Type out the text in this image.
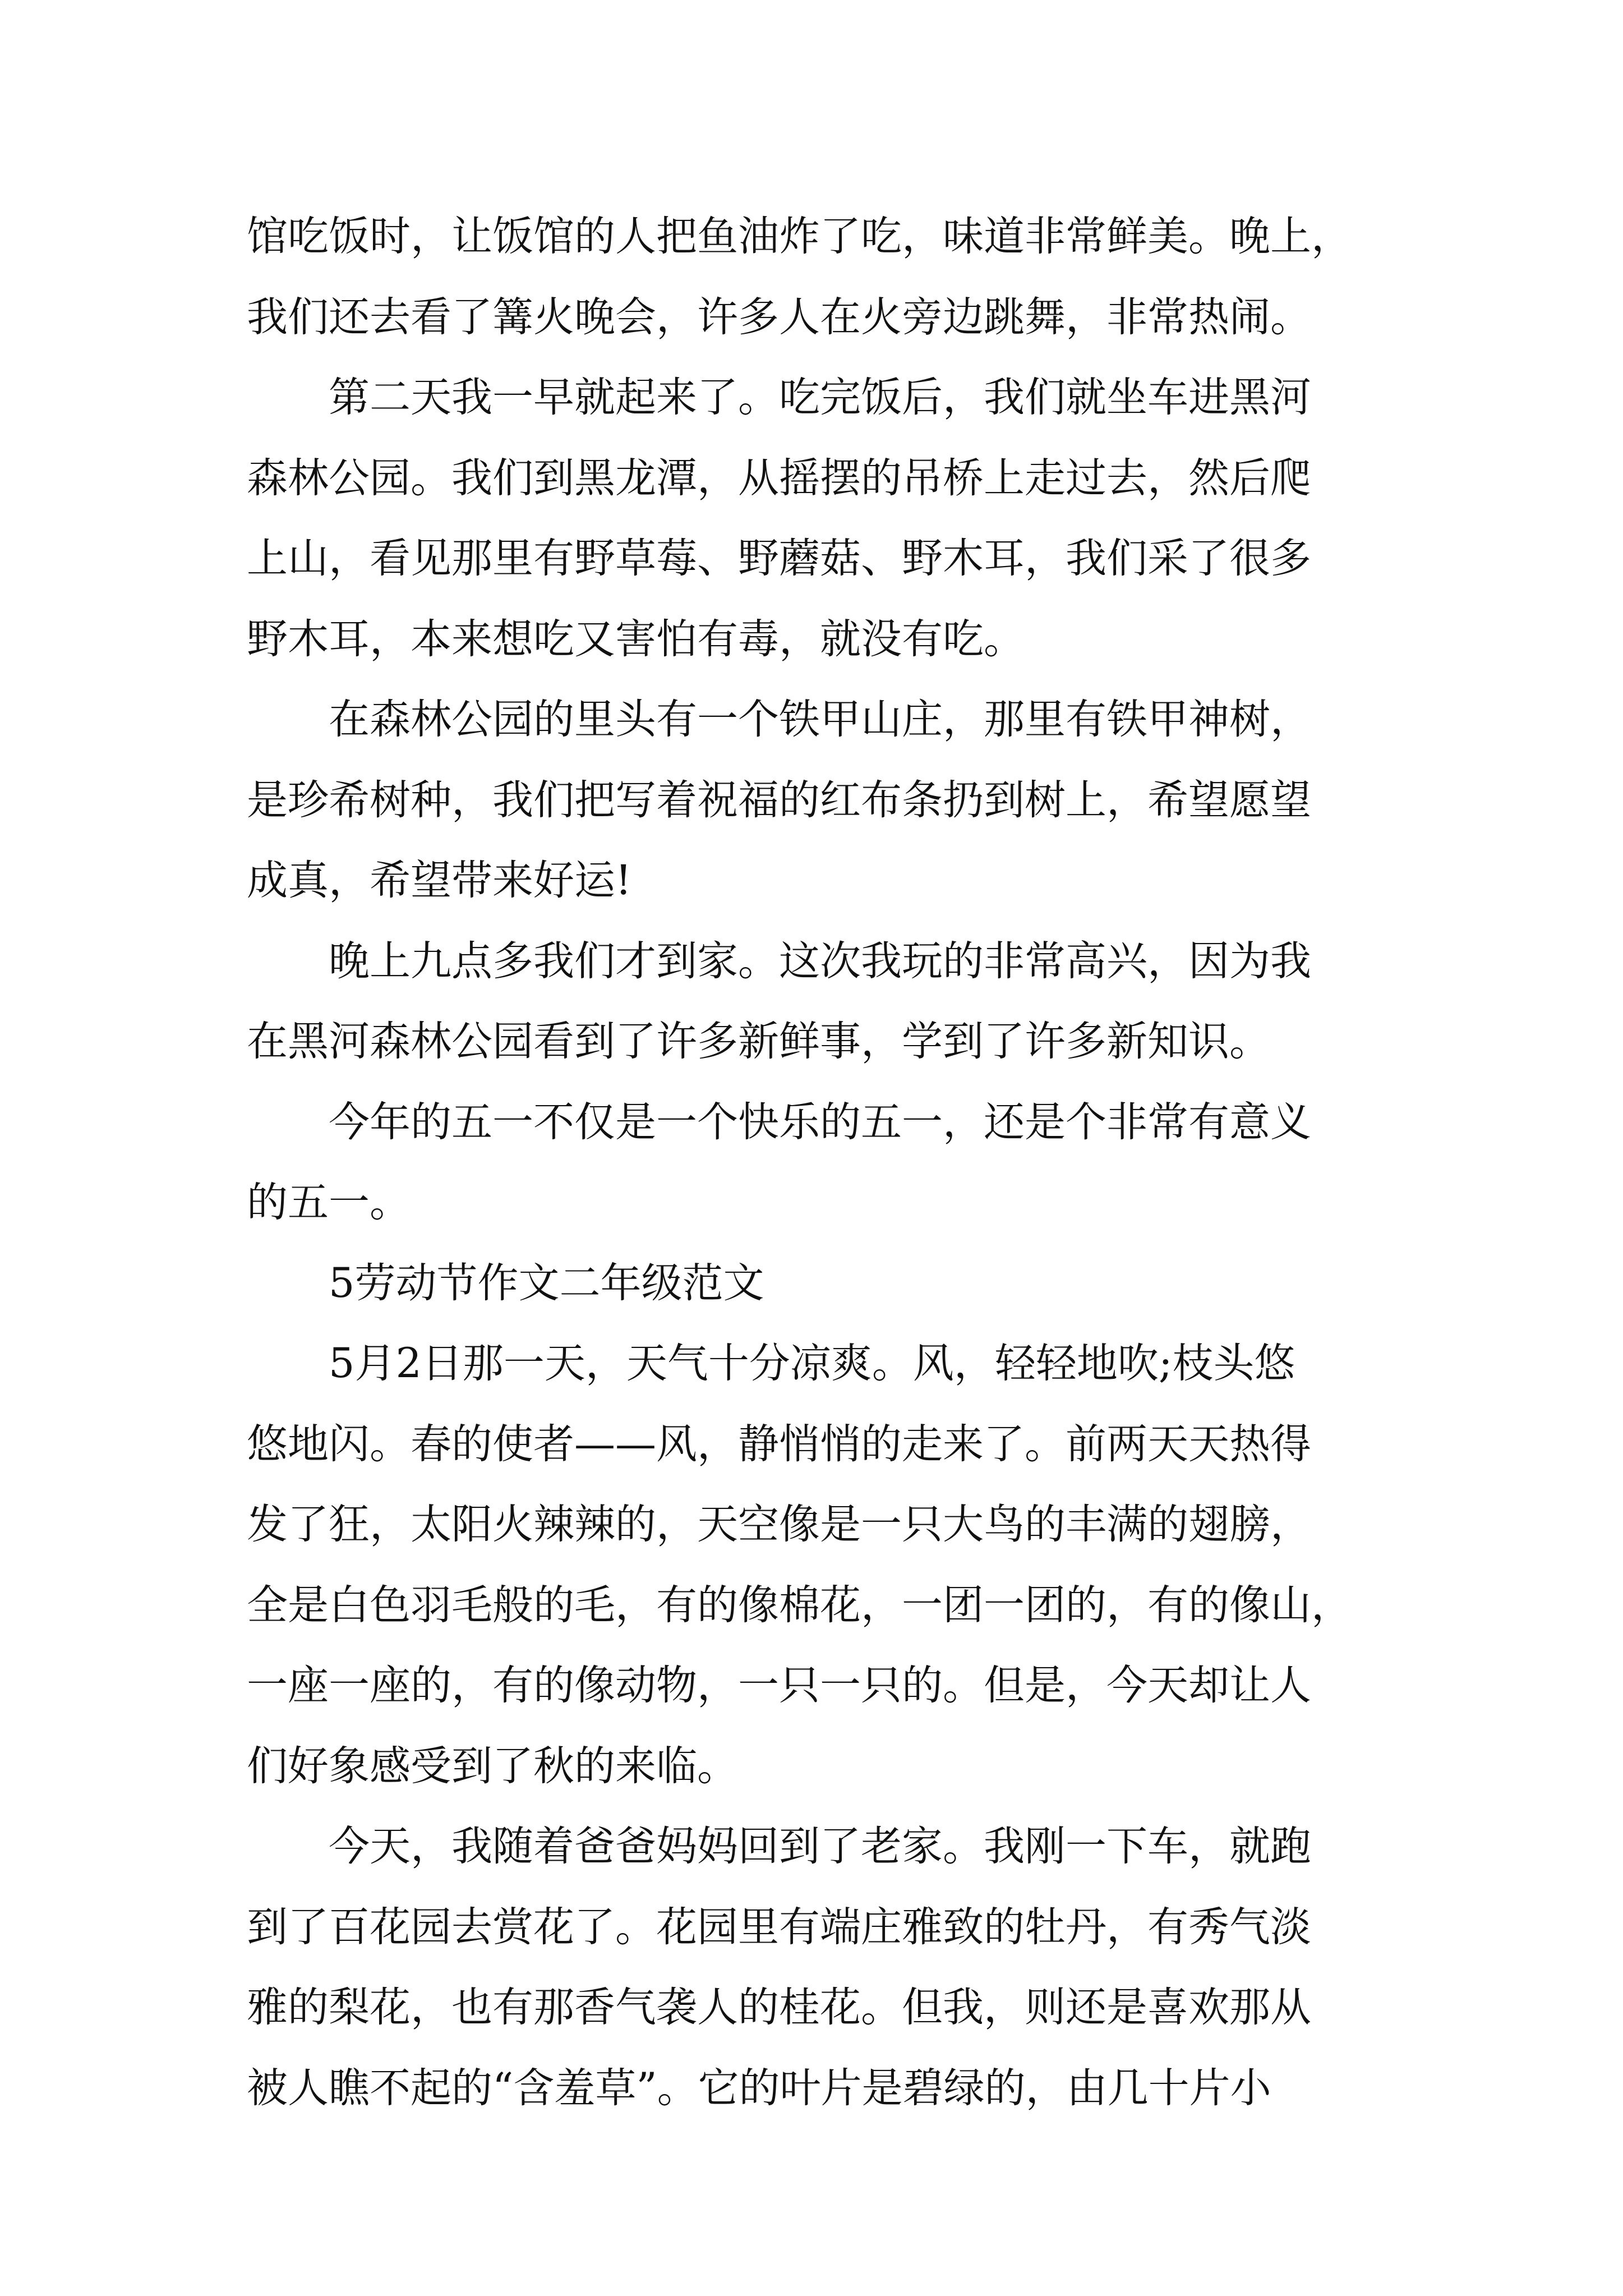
馆吃饭时，让饭馆的人把鱼油炸了吃，味道非常鲜美。晚上，

我们还去看了篝火晚会，许多人在火旁边跳舞，非常热闹。

第二天我一早就起来了。吃完饭后，我们就坐车进黑河

森林公园。我们到黑龙潭，从摇摆的吊桥上走过去，然后爬

上山，看见那里有野草莓、野蘑菇、野木耳，我们采了很多

野木耳，本来想吃又害怕有毒，就没有吃。

在森林公园的里头有一个铁甲山庄，那里有铁甲神树，

是珍希树种，我们把写着祝福的红布条扔到树上，希望愿望

成真，希望带来好运!

晚上九点多我们才到家。这次我玩的非常高兴，因为我

在黑河森林公园看到了许多新鲜事，学到了许多新知识。

今年的五一不仅是一个快乐的五一，还是个非常有意义

的五一。

5劳动节作文二年级范文

5月2日那一天，天气十分凉爽。风，轻轻地吹;枝头悠

悠地闪。春的使者——风，静悄悄的走来了。前两天天热得

发了狂，太阳火辣辣的，天空像是一只大鸟的丰满的翅膀，

全是白色羽毛般的毛，有的像棉花，一团一团的，有的像山，

一座一座的，有的像动物，一只一只的。但是，今天却让人

们好象感受到了秋的来临。

今天，我随着爸爸妈妈回到了老家。我刚一下车，就跑

到了百花园去赏花了。花园里有端庄雅致的牡丹，有秀气淡

雅的梨花，也有那香气袭人的桂花。但我，则还是喜欢那从

被人瞧不起的“含羞草”。它的叶片是碧绿的，由几十片小
